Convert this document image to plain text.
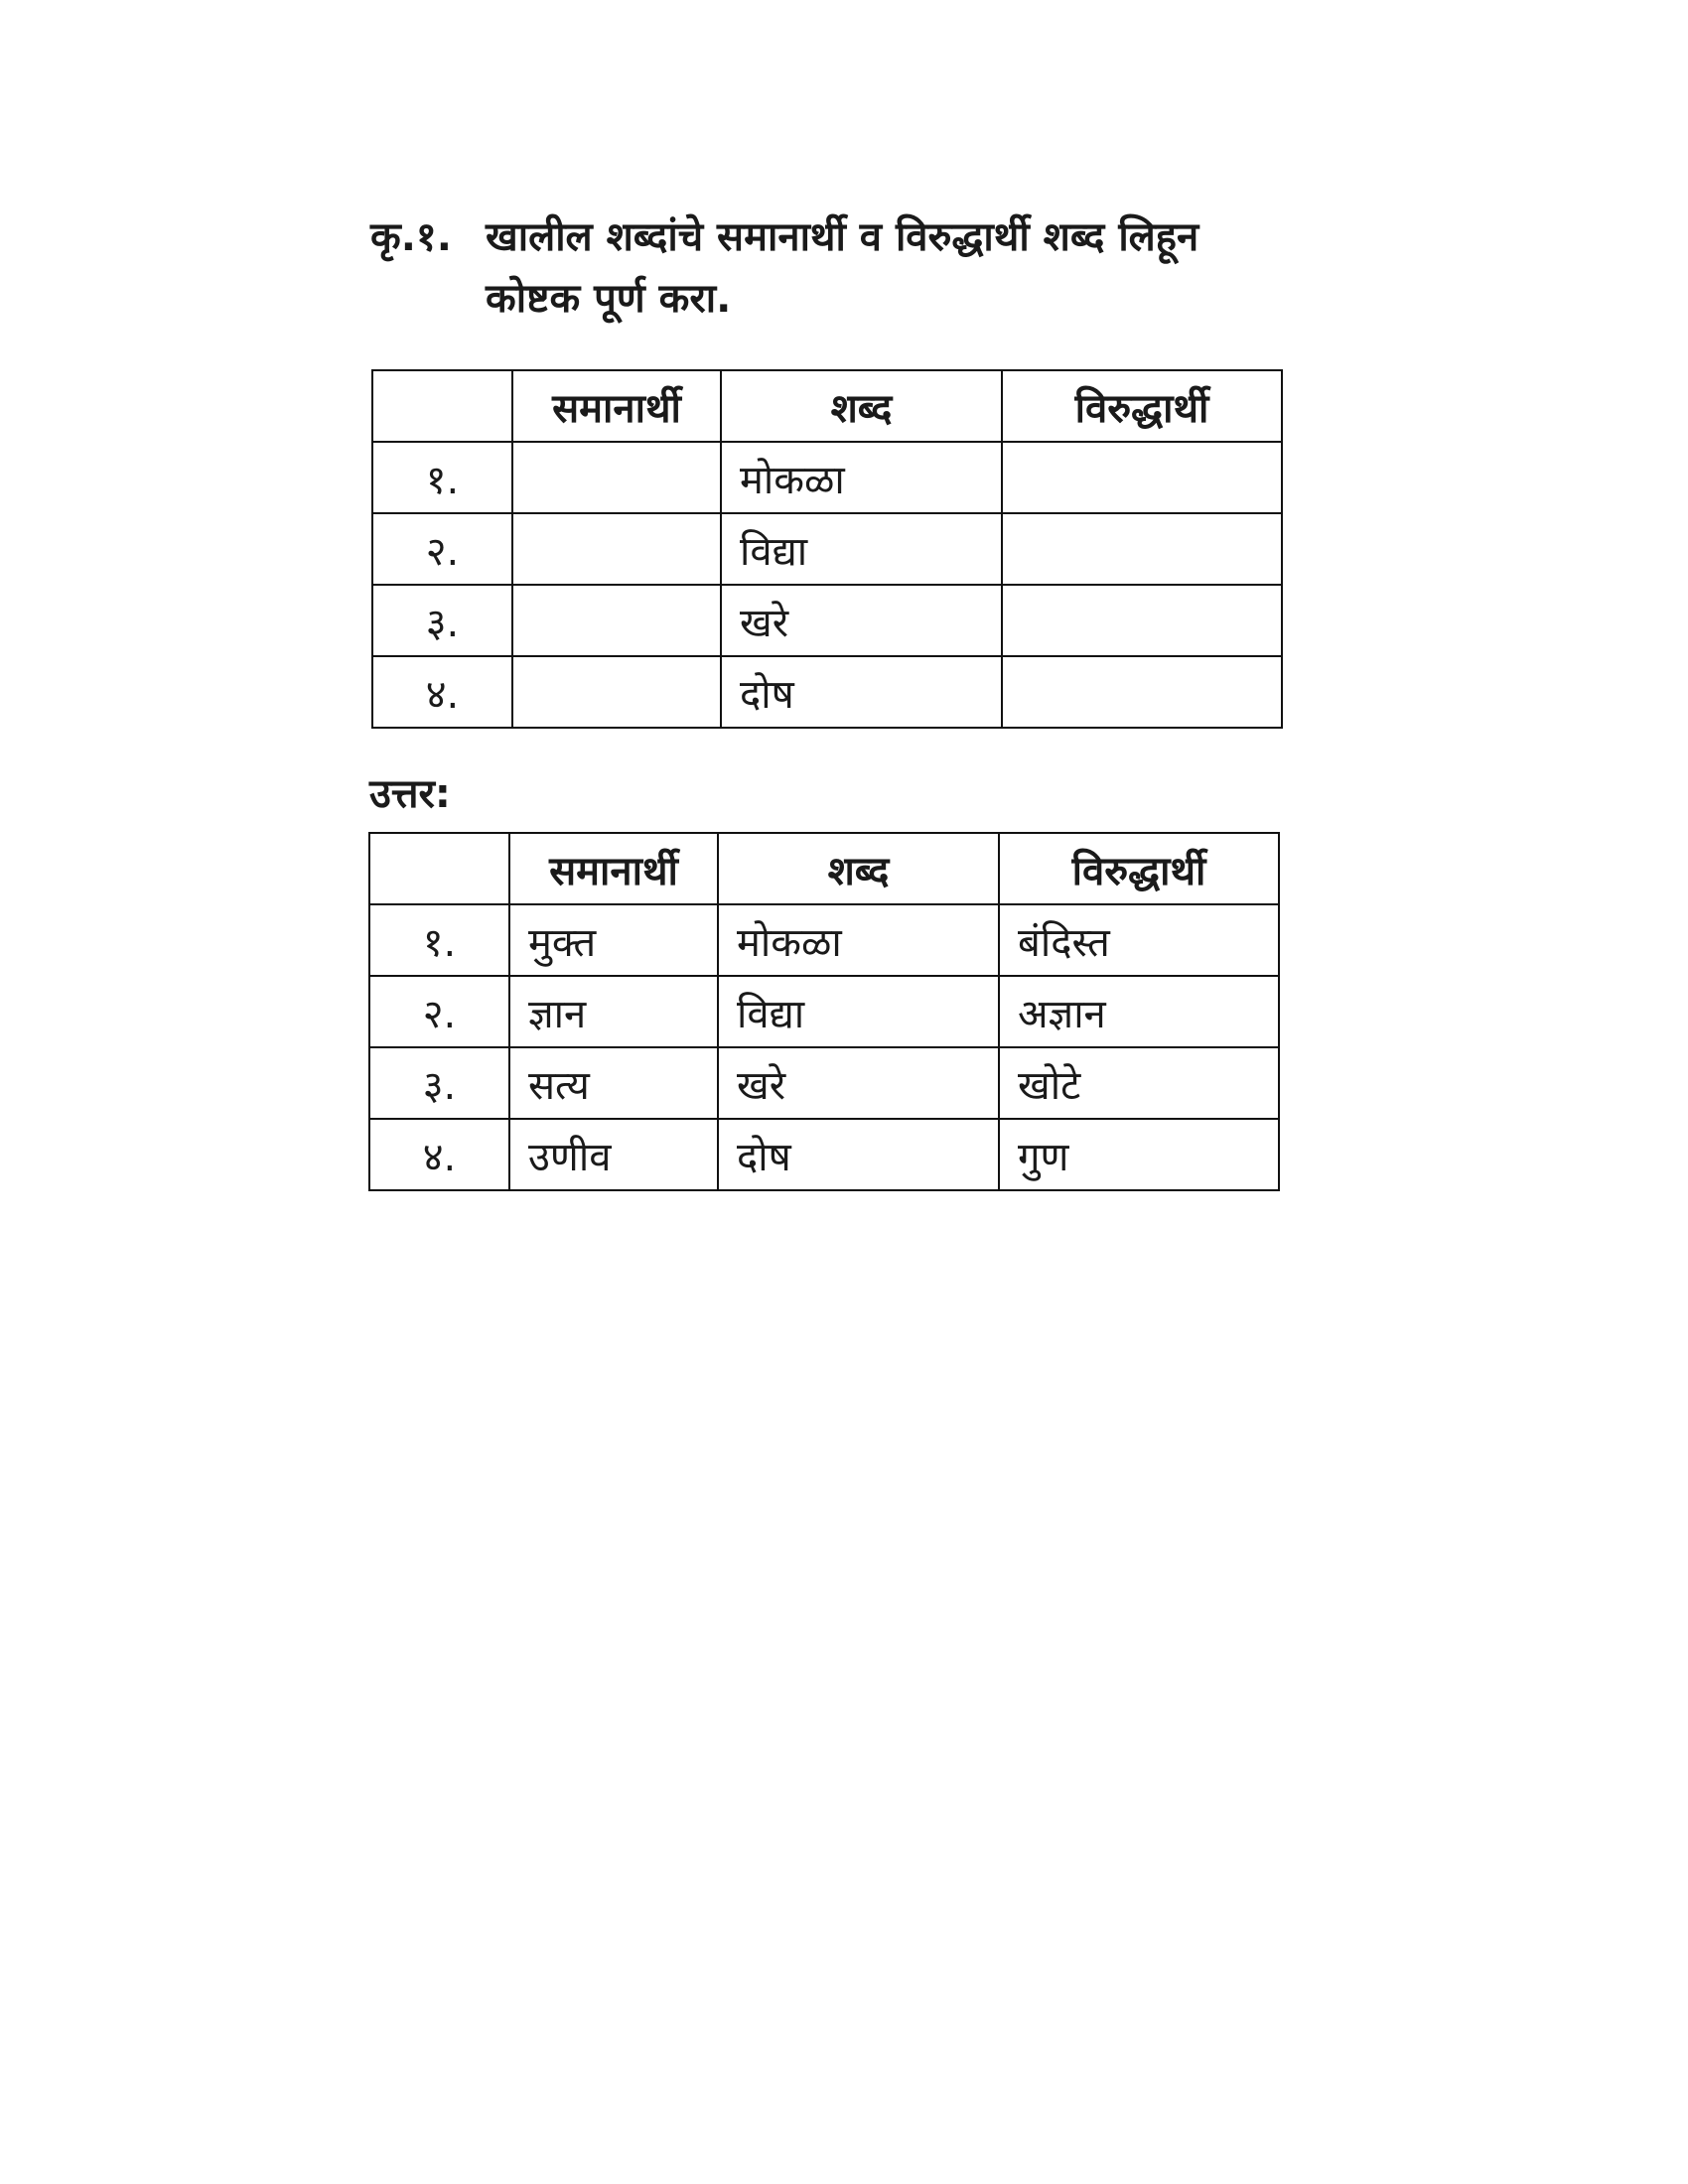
कृ.१. खालील शब्दांचे समानार्थी व विरुद्धार्थी शब्द लिहून
कोष्टक पूर्ण करा.
	समानार्थी	शब्द	विरुद्धार्थी
१.		मोकळा	
२.		विद्या	
३.		खरे	
४.		दोष	
उत्तर:
	समानार्थी	शब्द	विरुद्धार्थी
१.	मुक्त	मोकळा	बंदिस्त
२.	ज्ञान	विद्या	अज्ञान
३.	सत्य	खरे	खोटे
४.	उणीव	दोष	गुण
